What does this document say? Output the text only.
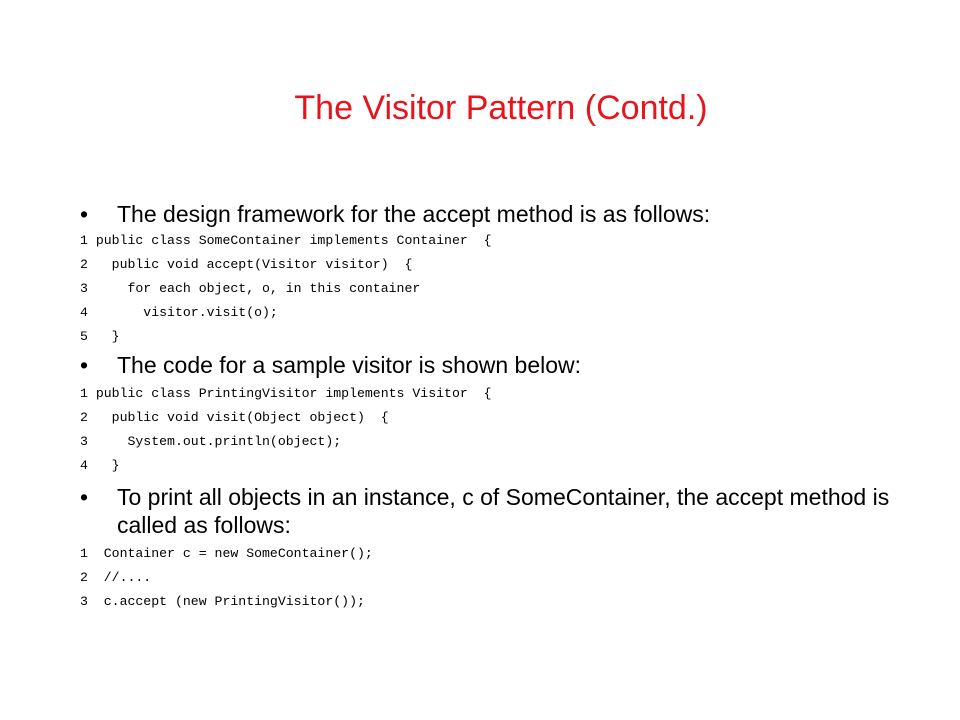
The Visitor Pattern (Contd.)
• The design framework for the accept method is as follows:
1 public class SomeContainer implements Container  {
2   public void accept(Visitor visitor)  {
3     for each object, o, in this container
4       visitor.visit(o);
5   }
• The code for a sample visitor is shown below:
1 public class PrintingVisitor implements Visitor  {
2   public void visit(Object object)  {
3     System.out.println(object);
4   }
• To print all objects in an instance, c of SomeContainer, the accept method is called as follows:
1  Container c = new SomeContainer();
2  //....
3  c.accept (new PrintingVisitor());
